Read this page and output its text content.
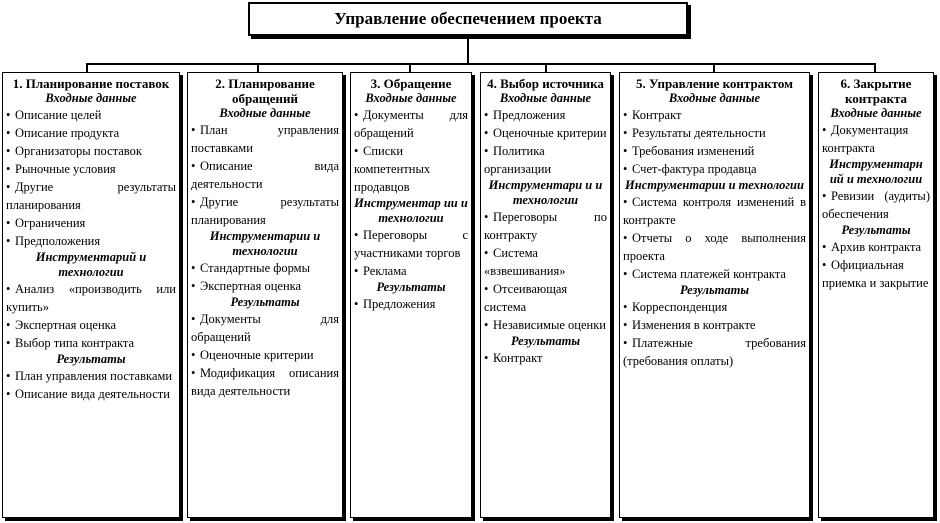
Управление обеспечением проекта
1. Планирование поставок
Входные данные
• Описание целей
• Описание продукта
• Организаторы поставок
• Рыночные условия
• Другие результаты планирования
• Ограничения
• Предположения
Инструментарий и технологии
• Анализ «производить или купить»
• Экспертная оценка
• Выбор типа контракта
Результаты
• План управления поставками
• Описание вида деятельности
2. Планирование обращений
Входные данные
• План управления поставками
• Описание вида деятельности
• Другие результаты планирования
Инструментарии и технологии
• Стандартные формы
• Экспертная оценка
Результаты
• Документы для обращений
• Оценочные критерии
• Модификация описания вида деятельности
3. Обращение
Входные данные
• Документы для обращений
• Списки компетентных продавцов
Инструментар ии и технологии
• Переговоры с участниками торгов
• Реклама
Результаты
• Предложения
4. Выбор источника
Входные данные
• Предложения
• Оценочные критерии
• Политика организации
Инструментари и и технологии
• Переговоры по контракту
• Система «взвешивания»
• Отсеивающая система
• Независимые оценки
Результаты
• Контракт
5. Управление контрактом
Входные данные
• Контракт
• Результаты деятельности
• Требования изменений
• Счет-фактура продавца
Инструментарии и технологии
• Система контроля изменений в контракте
• Отчеты о ходе выполнения проекта
• Система платежей контракта
Результаты
• Корреспонденция
• Изменения в контракте
• Платежные требования (требования оплаты)
6. Закрытие контракта
Входные данные
• Документация контракта
Инструментарн ий и технологии
• Ревизии (аудиты) обеспечения
Результаты
• Архив контракта
• Официальная приемка и закрытие
